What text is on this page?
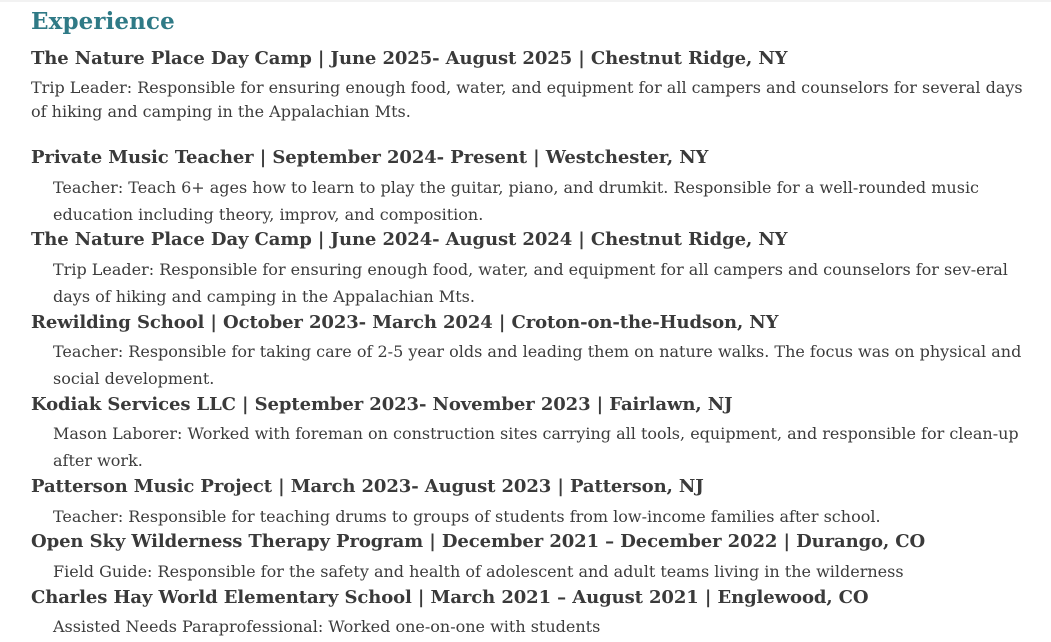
Experience
The Nature Place Day Camp | June 2025- August 2025 | Chestnut Ridge, NY

Trip Leader: Responsible for ensuring enough food, water, and equipment for all campers and counselors for several days of hiking and camping in the Appalachian Mts.

Private Music Teacher | September 2024- Present | Westchester, NY

Teacher: Teach 6+ ages how to learn to play the guitar, piano, and drumkit. Responsible for a well-rounded music education including theory, improv, and composition.

The Nature Place Day Camp | June 2024- August 2024 | Chestnut Ridge, NY

Trip Leader: Responsible for ensuring enough food, water, and equipment for all campers and counselors for sev-eral days of hiking and camping in the Appalachian Mts.

Rewilding School | October 2023- March 2024 | Croton-on-the-Hudson, NY

Teacher: Responsible for taking care of 2-5 year olds and leading them on nature walks. The focus was on physical and social development.

Kodiak Services LLC | September 2023- November 2023 | Fairlawn, NJ

Mason Laborer: Worked with foreman on construction sites carrying all tools, equipment, and responsible for clean-up after work.

Patterson Music Project | March 2023- August 2023 | Patterson, NJ

Teacher: Responsible for teaching drums to groups of students from low-income families after school.

Open Sky Wilderness Therapy Program | December 2021 – December 2022 | Durango, CO

Field Guide: Responsible for the safety and health of adolescent and adult teams living in the wilderness

Charles Hay World Elementary School | March 2021 – August 2021 | Englewood, CO

Assisted Needs Paraprofessional: Worked one-on-one with students
